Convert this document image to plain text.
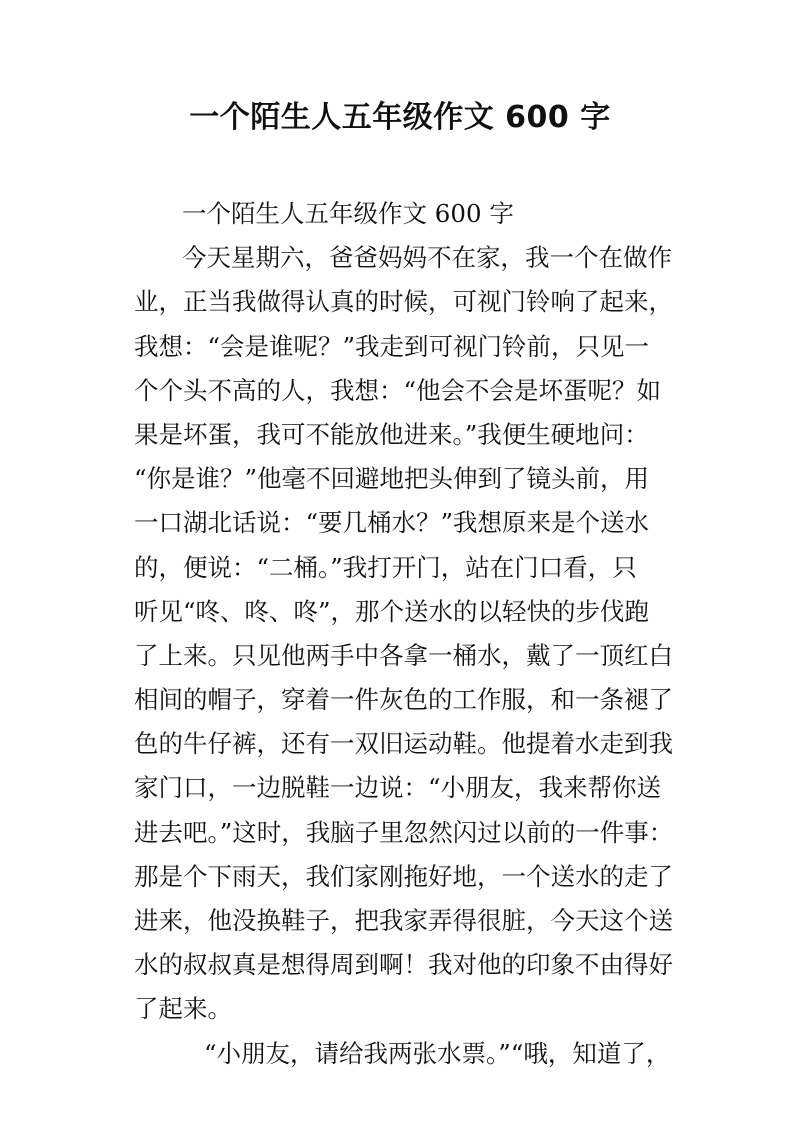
一个陌生人五年级作文 600 字
一个陌生人五年级作文 600 字
今天星期六，爸爸妈妈不在家，我一个在做作
业，正当我做得认真的时候，可视门铃响了起来，
我想：“会是谁呢？”我走到可视门铃前，只见一
个个头不高的人，我想：“他会不会是坏蛋呢？如
果是坏蛋，我可不能放他进来。”我便生硬地问：
“你是谁？”他毫不回避地把头伸到了镜头前，用
一口湖北话说：“要几桶水？”我想原来是个送水
的，便说：“二桶。”我打开门，站在门口看，只
听见“咚、咚、咚”，那个送水的以轻快的步伐跑
了上来。只见他两手中各拿一桶水，戴了一顶红白
相间的帽子，穿着一件灰色的工作服，和一条褪了
色的牛仔裤，还有一双旧运动鞋。他提着水走到我
家门口，一边脱鞋一边说：“小朋友，我来帮你送
进去吧。”这时，我脑子里忽然闪过以前的一件事：
那是个下雨天，我们家刚拖好地，一个送水的走了
进来，他没换鞋子，把我家弄得很脏，今天这个送
水的叔叔真是想得周到啊！我对他的印象不由得好
了起来。
“小朋友，请给我两张水票。”“哦，知道了，
